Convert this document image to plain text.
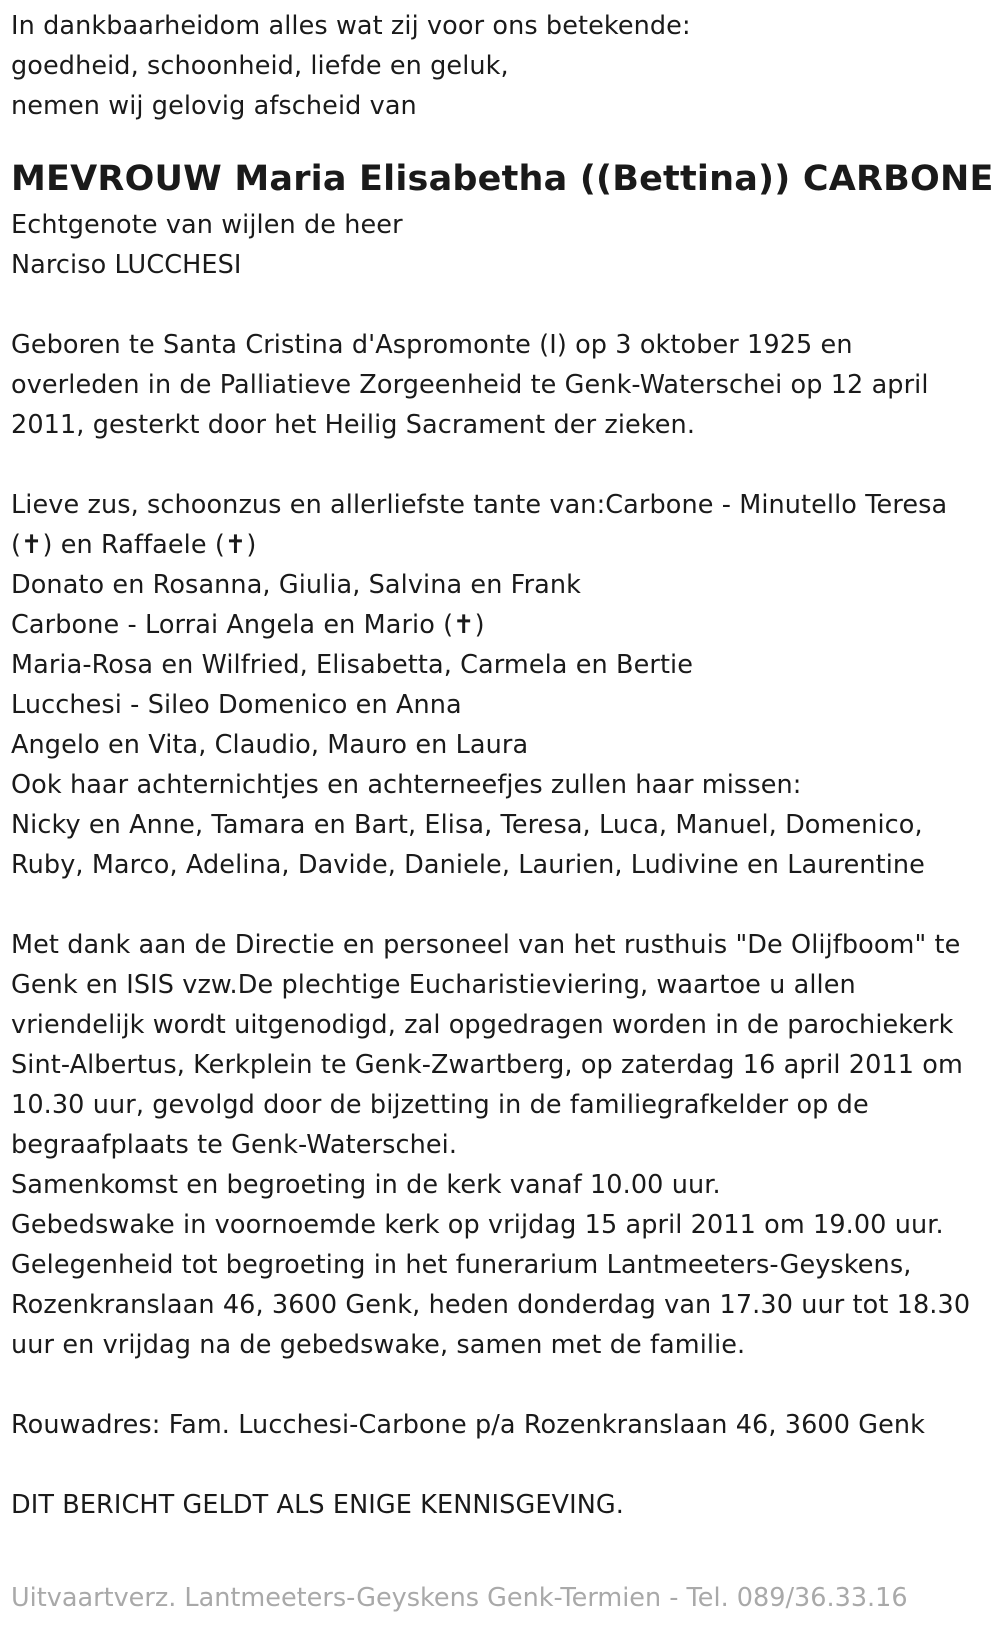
In dankbaarheidom alles wat zij voor ons betekende:
goedheid, schoonheid, liefde en geluk,
nemen wij gelovig afscheid van
MEVROUW Maria Elisabetha ((Bettina)) CARBONE
Echtgenote van wijlen de heer
Narciso LUCCHESI
Geboren te Santa Cristina d'Aspromonte (I) op 3 oktober 1925 en
overleden in de Palliatieve Zorgeenheid te Genk-Waterschei op 12 april
2011, gesterkt door het Heilig Sacrament der zieken.
Lieve zus, schoonzus en allerliefste tante van:Carbone - Minutello Teresa
(✝) en Raffaele (✝)
Donato en Rosanna, Giulia, Salvina en Frank
Carbone - Lorrai Angela en Mario (✝)
Maria-Rosa en Wilfried, Elisabetta, Carmela en Bertie
Lucchesi - Sileo Domenico en Anna
Angelo en Vita, Claudio, Mauro en Laura
Ook haar achternichtjes en achterneefjes zullen haar missen:
Nicky en Anne, Tamara en Bart, Elisa, Teresa, Luca, Manuel, Domenico,
Ruby, Marco, Adelina, Davide, Daniele, Laurien, Ludivine en Laurentine
Met dank aan de Directie en personeel van het rusthuis "De Olijfboom" te
Genk en ISIS vzw.De plechtige Eucharistieviering, waartoe u allen
vriendelijk wordt uitgenodigd, zal opgedragen worden in de parochiekerk
Sint-Albertus, Kerkplein te Genk-Zwartberg, op zaterdag 16 april 2011 om
10.30 uur, gevolgd door de bijzetting in de familiegrafkelder op de
begraafplaats te Genk-Waterschei.
Samenkomst en begroeting in de kerk vanaf 10.00 uur.
Gebedswake in voornoemde kerk op vrijdag 15 april 2011 om 19.00 uur.
Gelegenheid tot begroeting in het funerarium Lantmeeters-Geyskens,
Rozenkranslaan 46, 3600 Genk, heden donderdag van 17.30 uur tot 18.30
uur en vrijdag na de gebedswake, samen met de familie.
Rouwadres: Fam. Lucchesi-Carbone p/a Rozenkranslaan 46, 3600 Genk
DIT BERICHT GELDT ALS ENIGE KENNISGEVING.
Uitvaartverz. Lantmeeters-Geyskens Genk-Termien - Tel. 089/36.33.16
